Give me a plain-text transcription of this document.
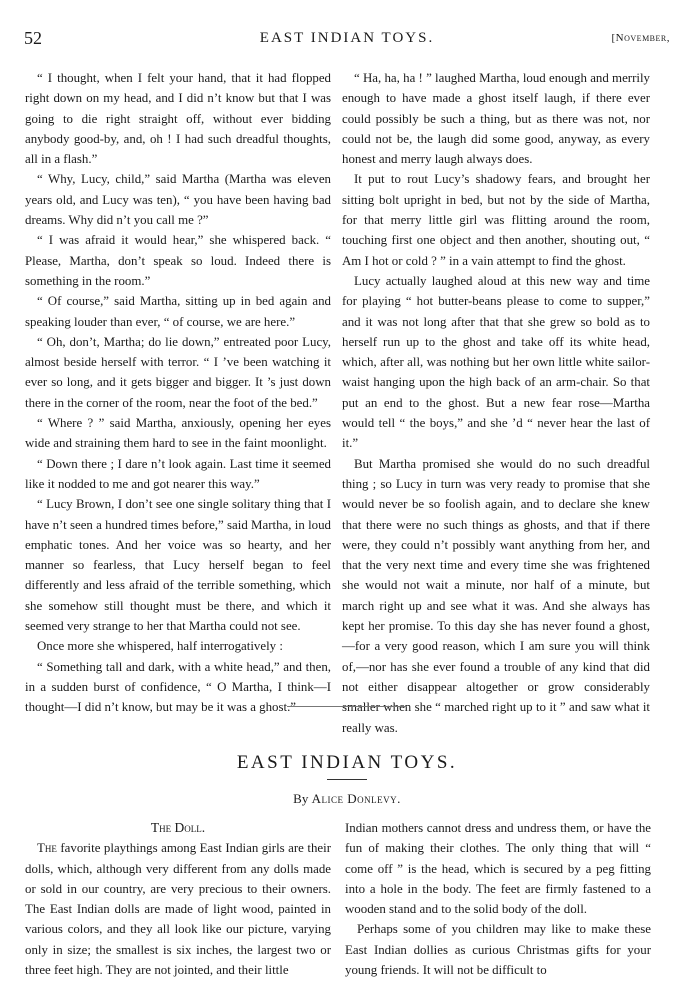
52	EAST INDIAN TOYS.	[November,

“ I thought, when I felt your hand, that it had flopped right down on my head, and I did n’t know but that I was going to die right straight off, without ever bidding anybody good-by, and, oh ! I had such dreadful thoughts, all in a flash.”

“ Why, Lucy, child,” said Martha (Martha was eleven years old, and Lucy was ten), “ you have been having bad dreams. Why did n’t you call me ?”

“ I was afraid it would hear,” she whispered back. “ Please, Martha, don’t speak so loud. Indeed there is something in the room.”

“ Of course,” said Martha, sitting up in bed again and speaking louder than ever, “ of course, we are here.”

“ Oh, don’t, Martha; do lie down,” entreated poor Lucy, almost beside herself with terror. “ I ’ve been watching it ever so long, and it gets bigger and bigger. It ’s just down there in the corner of the room, near the foot of the bed.”

“ Where ? ” said Martha, anxiously, opening her eyes wide and straining them hard to see in the faint moonlight.

“ Down there ; I dare n’t look again. Last time it seemed like it nodded to me and got nearer this way.”

“ Lucy Brown, I don’t see one single solitary thing that I have n’t seen a hundred times before,” said Martha, in loud emphatic tones. And her voice was so hearty, and her manner so fearless, that Lucy herself began to feel differently and less afraid of the terrible something, which she somehow still thought must be there, and which it seemed very strange to her that Martha could not see.

Once more she whispered, half interrogatively :

“ Something tall and dark, with a white head,” and then, in a sudden burst of confidence, “ O Martha, I think—I thought—I did n’t know, but may be it was a ghost.”

“ Ha, ha, ha ! ” laughed Martha, loud enough and merrily enough to have made a ghost itself laugh, if there ever could possibly be such a thing, but as there was not, nor could not be, the laugh did some good, anyway, as every honest and merry laugh always does.

It put to rout Lucy’s shadowy fears, and brought her sitting bolt upright in bed, but not by the side of Martha, for that merry little girl was flitting around the room, touching first one object and then another, shouting out, “ Am I hot or cold ? ” in a vain attempt to find the ghost.

Lucy actually laughed aloud at this new way and time for playing “ hot butter-beans please to come to supper,” and it was not long after that that she grew so bold as to herself run up to the ghost and take off its white head, which, after all, was nothing but her own little white sailor-waist hanging upon the high back of an arm-chair. So that put an end to the ghost. But a new fear rose—Martha would tell “ the boys,” and she ’d “ never hear the last of it.”

But Martha promised she would do no such dreadful thing ; so Lucy in turn was very ready to promise that she would never be so foolish again, and to declare she knew that there were no such things as ghosts, and that if there were, they could n’t possibly want anything from her, and that the very next time and every time she was frightened she would not wait a minute, nor half of a minute, but march right up and see what it was. And she always has kept her promise. To this day she has never found a ghost,—for a very good reason, which I am sure you will think of,—nor has she ever found a trouble of any kind that did not either disappear altogether or grow considerably smaller when she “ marched right up to it ” and saw what it really was.

EAST INDIAN TOYS.
By Alice Donlevy.
The Doll.

The favorite playthings among East Indian girls are their dolls, which, although very different from any dolls made or sold in our country, are very precious to their owners. The East Indian dolls are made of light wood, painted in various colors, and they all look like our picture, varying only in size; the smallest is six inches, the largest two or three feet high. They are not jointed, and their little

Indian mothers cannot dress and undress them, or have the fun of making their clothes. The only thing that will “ come off ” is the head, which is secured by a peg fitting into a hole in the body. The feet are firmly fastened to a wooden stand and to the solid body of the doll.

Perhaps some of you children may like to make these East Indian dollies as curious Christmas gifts for your young friends. It will not be difficult to
